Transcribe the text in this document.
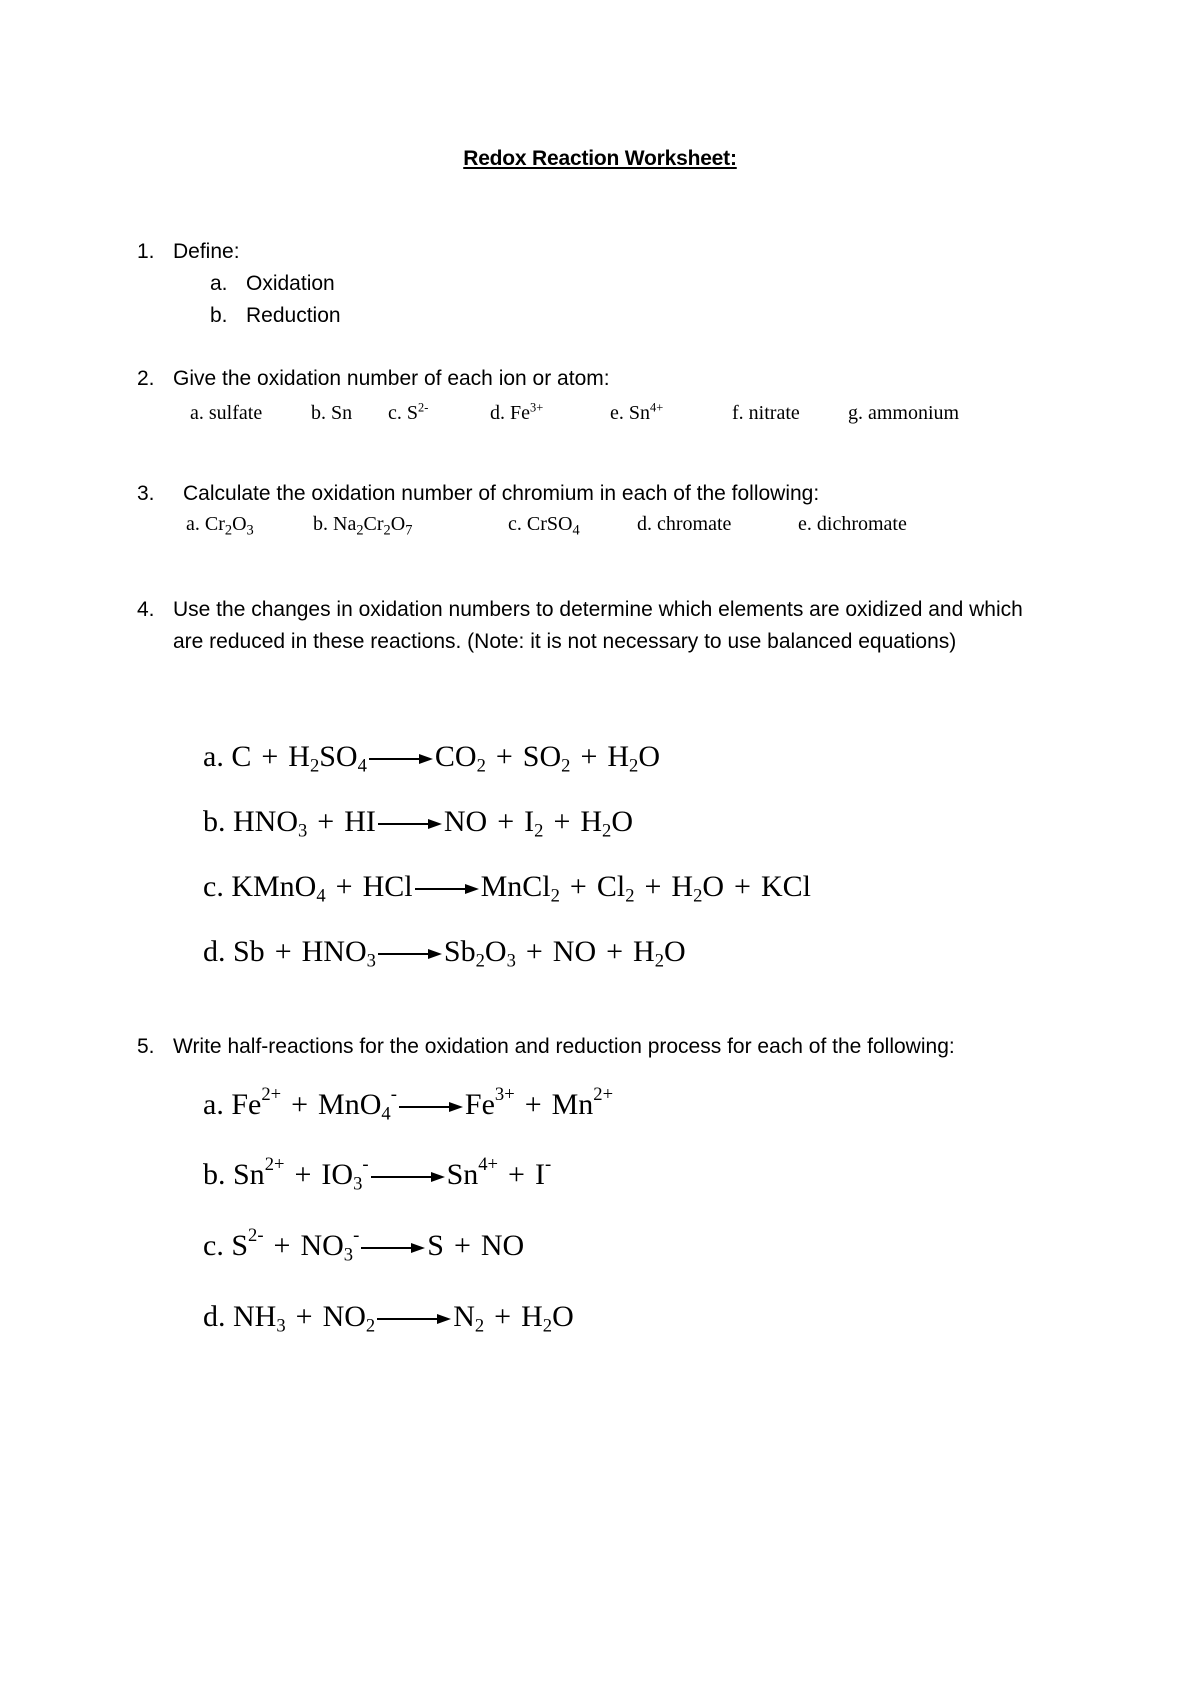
Redox Reaction Worksheet:
1. Define:
a. Oxidation
b. Reduction
2. Give the oxidation number of each ion or atom:
a. sulfate b. Sn c. $S^{2-}$	d. $Fe^{3+}$	e. $Sn^{4+}$	f. nitrate g. ammonium
3. Calculate the oxidation number of chromium in each of the following:
a. $Cr_2O_3$	b. $Na_2Cr_2O_7$	c. CrSO$_4$	d. chromate	e. dichromate
4. Use the changes in oxidation numbers to determine which elements are oxidized and which
are reduced in these reactions. (Note: it is not necessary to use balanced equations)
a. $C + H_2SO_4 \to CO_2 + SO_2 + H_2O$
b. $HNO_3$ + HI → NO + $I_2 + H_2O$
c. KMnO$_4$ + HCl → MnCl$_2$ + $Cl_2 + H_2O$ + KCl
d. $Sb + HNO_3 \to Sb_2O_3$ + NO + $H_2O$
5. Write half-reactions for the oxidation and reduction process for each of the following:
a. $Fe^{2+} + MnO_4^- \to Fe^{3+} + Mn^{2+}$
b. $Sn^{2+} + IO_3^- \to Sn^{4+} + I^-$
c. $S^{2-} + NO_3^- \to S$ + NO
d. $NH_3 + NO_2 \to N_2 + H_2O$
